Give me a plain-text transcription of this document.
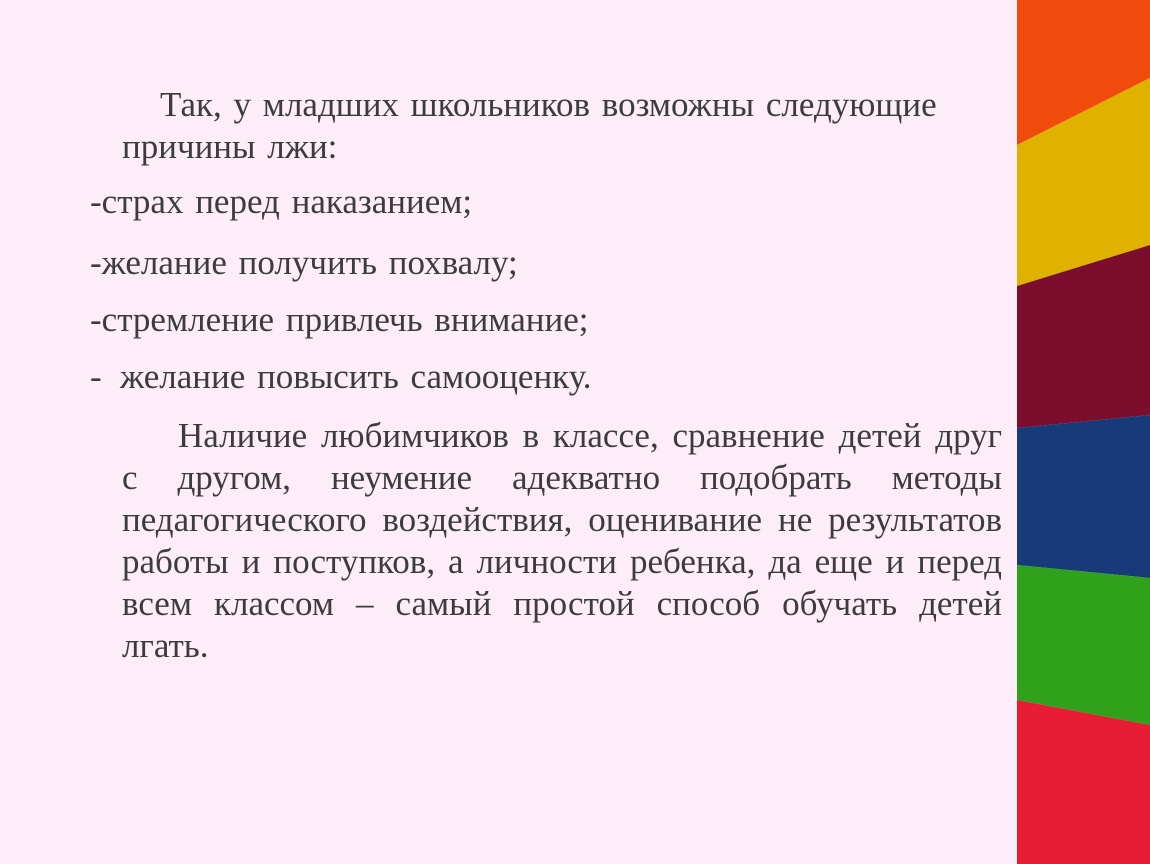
Так, у младших школьников возможны следующие причины лжи:

-страх перед наказанием;

-желание получить похвалу;

-стремление привлечь внимание;

- желание повысить самооценку.

Наличие любимчиков в классе, сравнение детей друг с другом, неумение адекватно подобрать методы педагогического воздействия, оценивание не результатов работы и поступков, а личности ребенка, да еще и перед всем классом – самый простой способ обучать детей лгать.
